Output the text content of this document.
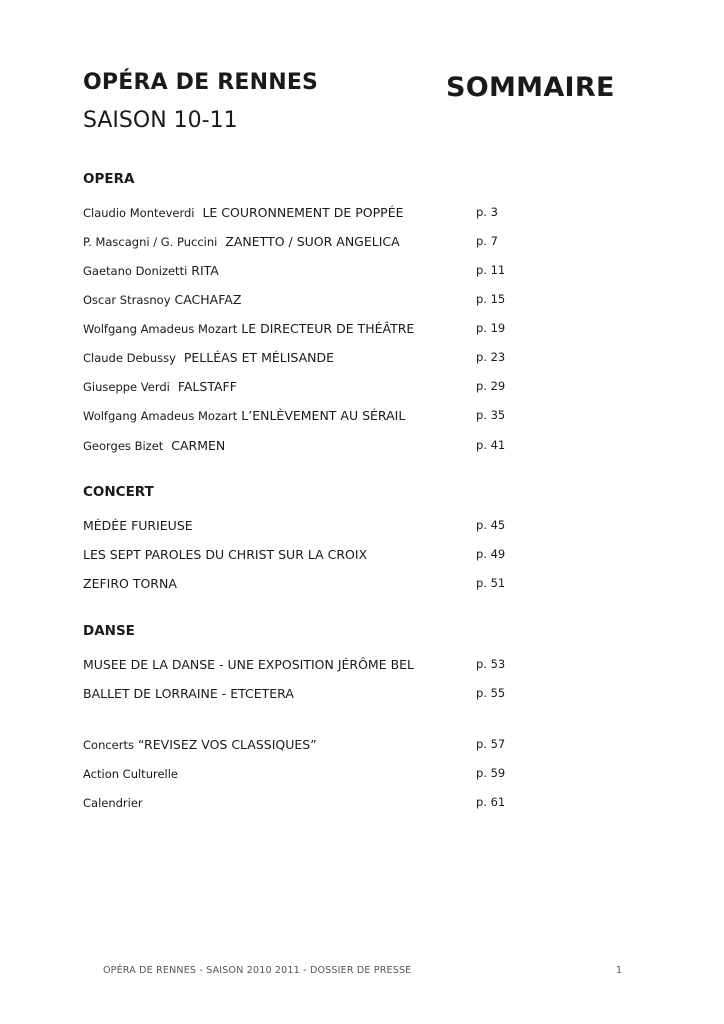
OPÉRA DE RENNES
SAISON 10-11
SOMMAIRE
OPERA
Claudio Monteverdi LE COURONNEMENT DE POPPÉE	p. 3
P. Mascagni / G. Puccini ZANETTO / SUOR ANGELICA	p. 7
Gaetano Donizetti RITA	p. 11
Oscar Strasnoy CACHAFAZ	p. 15
Wolfgang Amadeus Mozart LE DIRECTEUR DE THÉÂTRE	p. 19
Claude Debussy PELLÉAS ET MÉLISANDE	p. 23
Giuseppe Verdi FALSTAFF	p. 29
Wolfgang Amadeus Mozart L’ENLÈVEMENT AU SÉRAIL	p. 35
Georges Bizet CARMEN	p. 41
CONCERT
MÉDÉE FURIEUSE	p. 45
LES SEPT PAROLES DU CHRIST SUR LA CROIX	p. 49
ZEFIRO TORNA	p. 51
DANSE
MUSEE DE LA DANSE - UNE EXPOSITION JÉRÔME BEL	p. 53
BALLET DE LORRAINE - ETCETERA	p. 55
Concerts “REVISEZ VOS CLASSIQUES”	p. 57
Action Culturelle	p. 59
Calendrier	p. 61
OPÉRA DE RENNES - SAISON 2010 2011 - DOSSIER DE PRESSE	1
